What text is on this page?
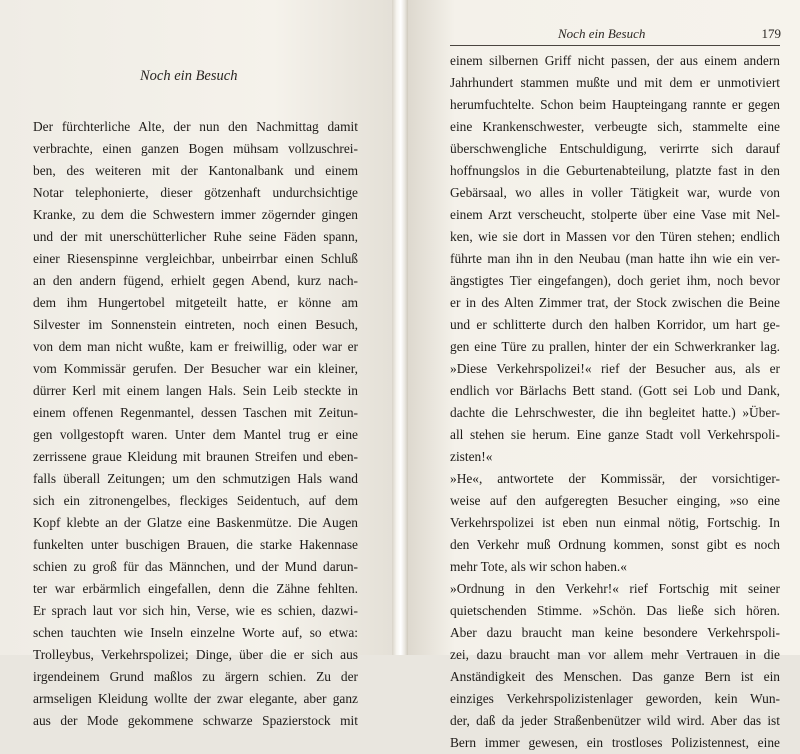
Noch ein Besuch
Noch ein Besuch	179
Der fürchterliche Alte, der nun den Nachmittag damit
verbrachte, einen ganzen Bogen mühsam vollzuschrei-
ben, des weiteren mit der Kantonalbank und einem
Notar telephonierte, dieser götzenhaft undurchsichtige
Kranke, zu dem die Schwestern immer zögernder gingen
und der mit unerschütterlicher Ruhe seine Fäden spann,
einer Riesenspinne vergleichbar, unbeirrbar einen Schluß
an den andern fügend, erhielt gegen Abend, kurz nach-
dem ihm Hungertobel mitgeteilt hatte, er könne am
Silvester im Sonnenstein eintreten, noch einen Besuch,
von dem man nicht wußte, kam er freiwillig, oder war er
vom Kommissär gerufen. Der Besucher war ein kleiner,
dürrer Kerl mit einem langen Hals. Sein Leib steckte in
einem offenen Regenmantel, dessen Taschen mit Zeitun-
gen vollgestopft waren. Unter dem Mantel trug er eine
zerrissene graue Kleidung mit braunen Streifen und eben-
falls überall Zeitungen; um den schmutzigen Hals wand
sich ein zitronengelbes, fleckiges Seidentuch, auf dem
Kopf klebte an der Glatze eine Baskenmütze. Die Augen
funkelten unter buschigen Brauen, die starke Hakennase
schien zu groß für das Männchen, und der Mund darun-
ter war erbärmlich eingefallen, denn die Zähne fehlten.
Er sprach laut vor sich hin, Verse, wie es schien, dazwi-
schen tauchten wie Inseln einzelne Worte auf, so etwa:
Trolleybus, Verkehrspolizei; Dinge, über die er sich aus
irgendeinem Grund maßlos zu ärgern schien. Zu der
armseligen Kleidung wollte der zwar elegante, aber ganz
aus der Mode gekommene schwarze Spazierstock mit
einem silbernen Griff nicht passen, der aus einem andern
Jahrhundert stammen mußte und mit dem er unmotiviert
herumfuchtelte. Schon beim Haupteingang rannte er gegen
eine Krankenschwester, verbeugte sich, stammelte eine
überschwengliche Entschuldigung, verirrte sich darauf
hoffnungslos in die Geburtenabteilung, platzte fast in den
Gebärsaal, wo alles in voller Tätigkeit war, wurde von
einem Arzt verscheucht, stolperte über eine Vase mit Nel-
ken, wie sie dort in Massen vor den Türen stehen; endlich
führte man ihn in den Neubau (man hatte ihn wie ein ver-
ängstigtes Tier eingefangen), doch geriet ihm, noch bevor
er in des Alten Zimmer trat, der Stock zwischen die Beine
und er schlitterte durch den halben Korridor, um hart ge-
gen eine Türe zu prallen, hinter der ein Schwerkranker lag.
»Diese Verkehrspolizei!« rief der Besucher aus, als er
endlich vor Bärlachs Bett stand. (Gott sei Lob und Dank,
dachte die Lehrschwester, die ihn begleitet hatte.) »Über-
all stehen sie herum. Eine ganze Stadt voll Verkehrspoli-
zisten!«
»He«, antwortete der Kommissär, der vorsichtiger-
weise auf den aufgeregten Besucher einging, »so eine
Verkehrspolizei ist eben nun einmal nötig, Fortschig. In
den Verkehr muß Ordnung kommen, sonst gibt es noch
mehr Tote, als wir schon haben.«
»Ordnung in den Verkehr!« rief Fortschig mit seiner
quietschenden Stimme. »Schön. Das ließe sich hören.
Aber dazu braucht man keine besondere Verkehrspoli-
zei, dazu braucht man vor allem mehr Vertrauen in die
Anständigkeit des Menschen. Das ganze Bern ist ein
einziges Verkehrspolizistenlager geworden, kein Wun-
der, daß da jeder Straßenbenützer wild wird. Aber das ist
Bern immer gewesen, ein trostloses Polizistennest, eine
